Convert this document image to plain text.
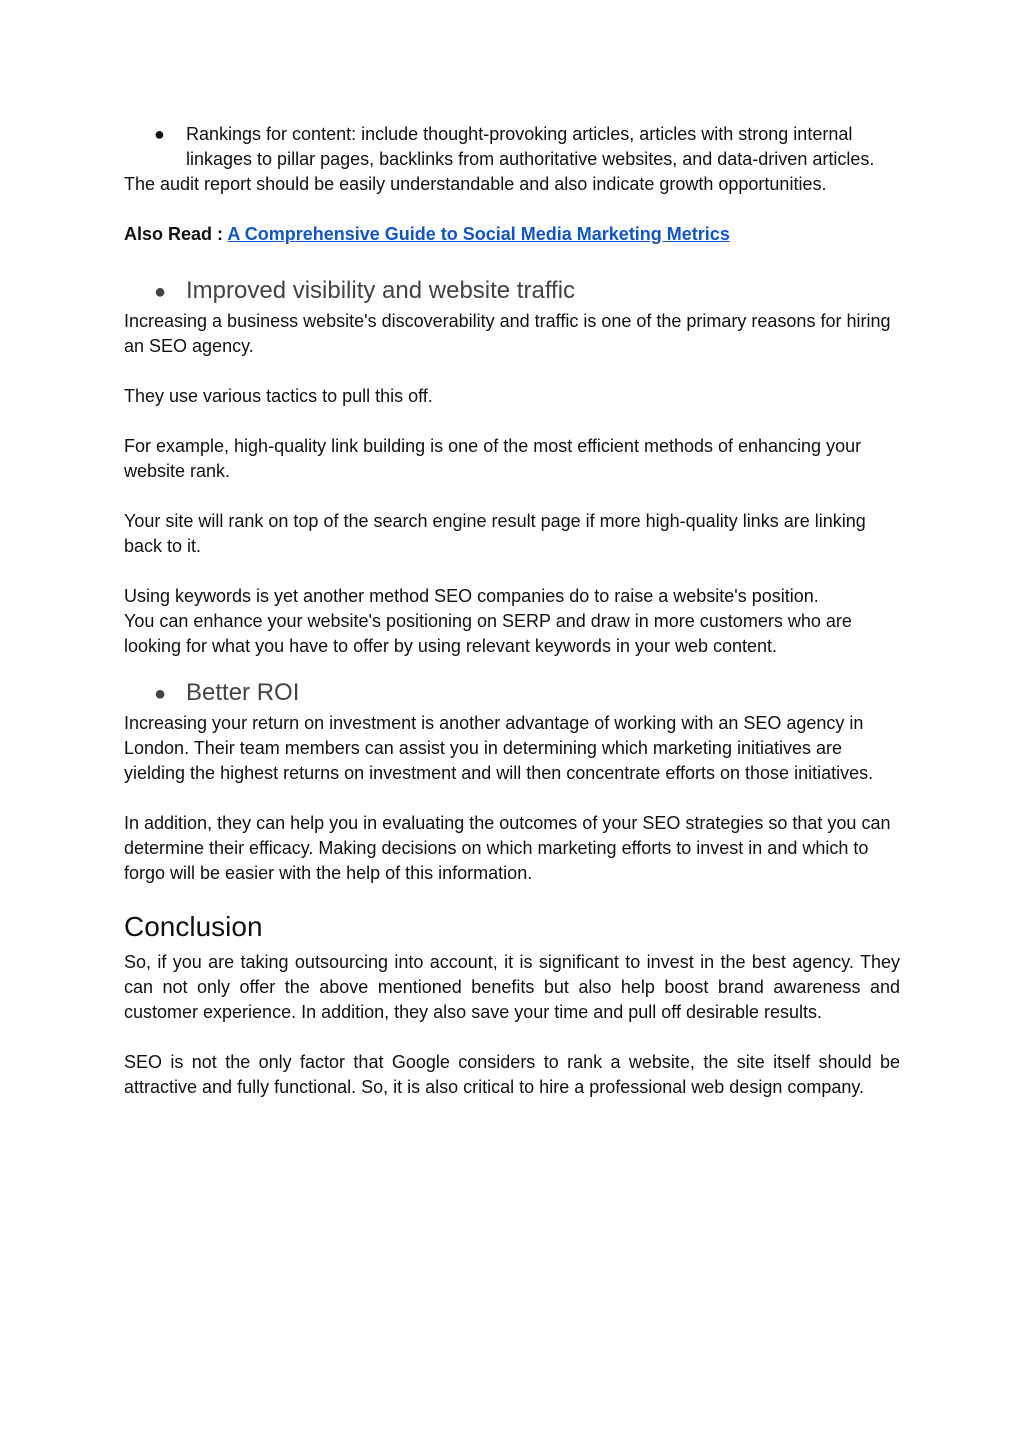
● Rankings for content: include thought-provoking articles, articles with strong internal linkages to pillar pages, backlinks from authoritative websites, and data-driven articles.

The audit report should be easily understandable and also indicate growth opportunities.

Also Read : A Comprehensive Guide to Social Media Marketing Metrics
● Improved visibility and website traffic

Increasing a business website's discoverability and traffic is one of the primary reasons for hiring an SEO agency.

They use various tactics to pull this off.

For example, high-quality link building is one of the most efficient methods of enhancing your website rank.

Your site will rank on top of the search engine result page if more high-quality links are linking back to it.

Using keywords is yet another method SEO companies do to raise a website's position.

You can enhance your website's positioning on SERP and draw in more customers who are looking for what you have to offer by using relevant keywords in your web content.

● Better ROI

Increasing your return on investment is another advantage of working with an SEO agency in London. Their team members can assist you in determining which marketing initiatives are yielding the highest returns on investment and will then concentrate efforts on those initiatives.

In addition, they can help you in evaluating the outcomes of your SEO strategies so that you can determine their efficacy. Making decisions on which marketing efforts to invest in and which to forgo will be easier with the help of this information.

Conclusion

So, if you are taking outsourcing into account, it is significant to invest in the best agency. They can not only offer the above mentioned benefits but also help boost brand awareness and customer experience. In addition, they also save your time and pull off desirable results.

SEO is not the only factor that Google considers to rank a website, the site itself should be attractive and fully functional. So, it is also critical to hire a professional web design company.
